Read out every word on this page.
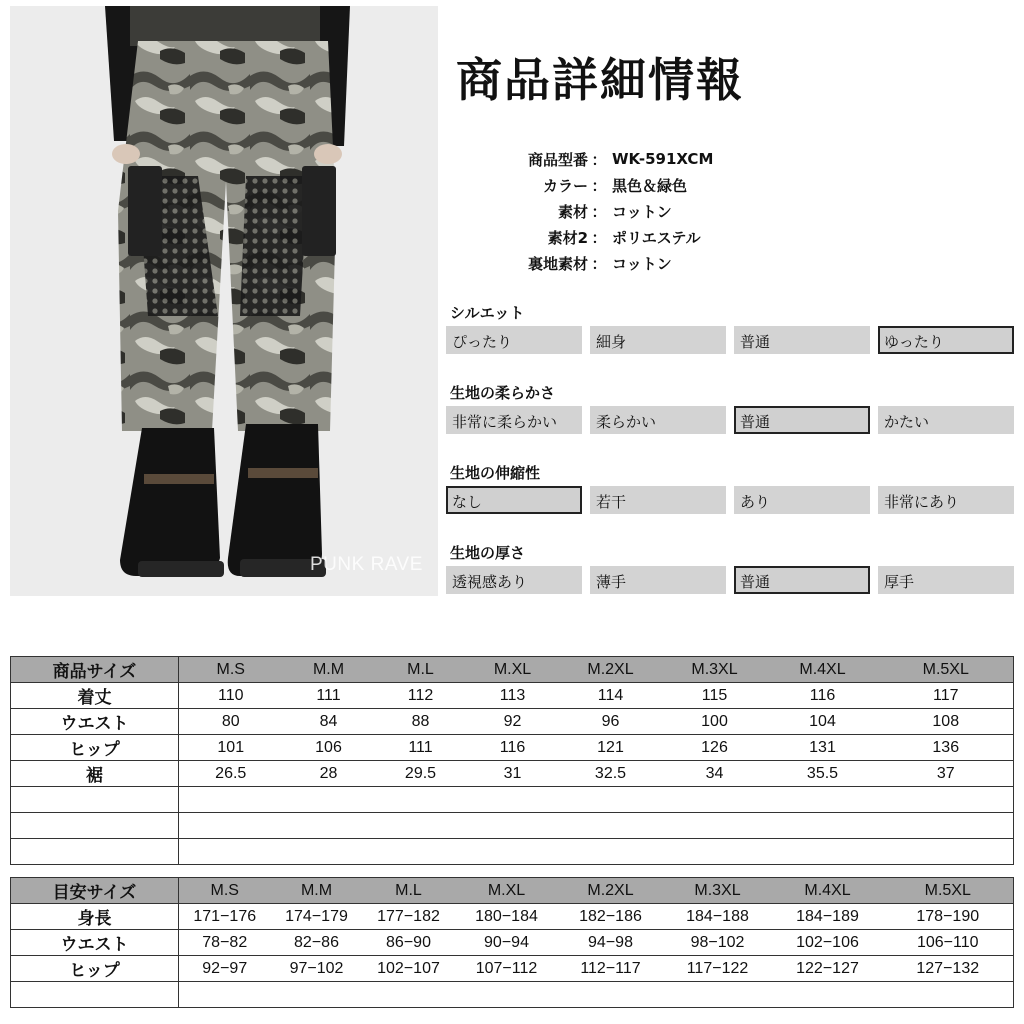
PUNK RAVE
商品詳細情報
商品型番 ： WK-591XCM
カラー ： 黒色＆緑色
素材 ： コットン
素材2 ： ポリエステル
裏地素材 ： コットン
シルエット
ぴったり	細身	普通	ゆったり
生地の柔らかさ
非常に柔らかい	柔らかい	普通	かたい
生地の伸縮性
なし	若干	あり	非常にあり
生地の厚さ
透視感あり	薄手	普通	厚手
商品サイズ	M.S	M.M	M.L	M.XL	M.2XL	M.3XL	M.4XL	M.5XL
着丈	110	111	112	113	114	115	116	117
ウエスト	80	84	88	92	96	100	104	108
ヒップ	101	106	111	116	121	126	131	136
裾	26.5	28	29.5	31	32.5	34	35.5	37

目安サイズ	M.S	M.M	M.L	M.XL	M.2XL	M.3XL	M.4XL	M.5XL
身長	171−176	174−179	177−182	180−184	182−186	184−188	184−189	178−190
ウエスト	78−82	82−86	86−90	90−94	94−98	98−102	102−106	106−110
ヒップ	92−97	97−102	102−107	107−112	112−117	117−122	122−127	127−132
